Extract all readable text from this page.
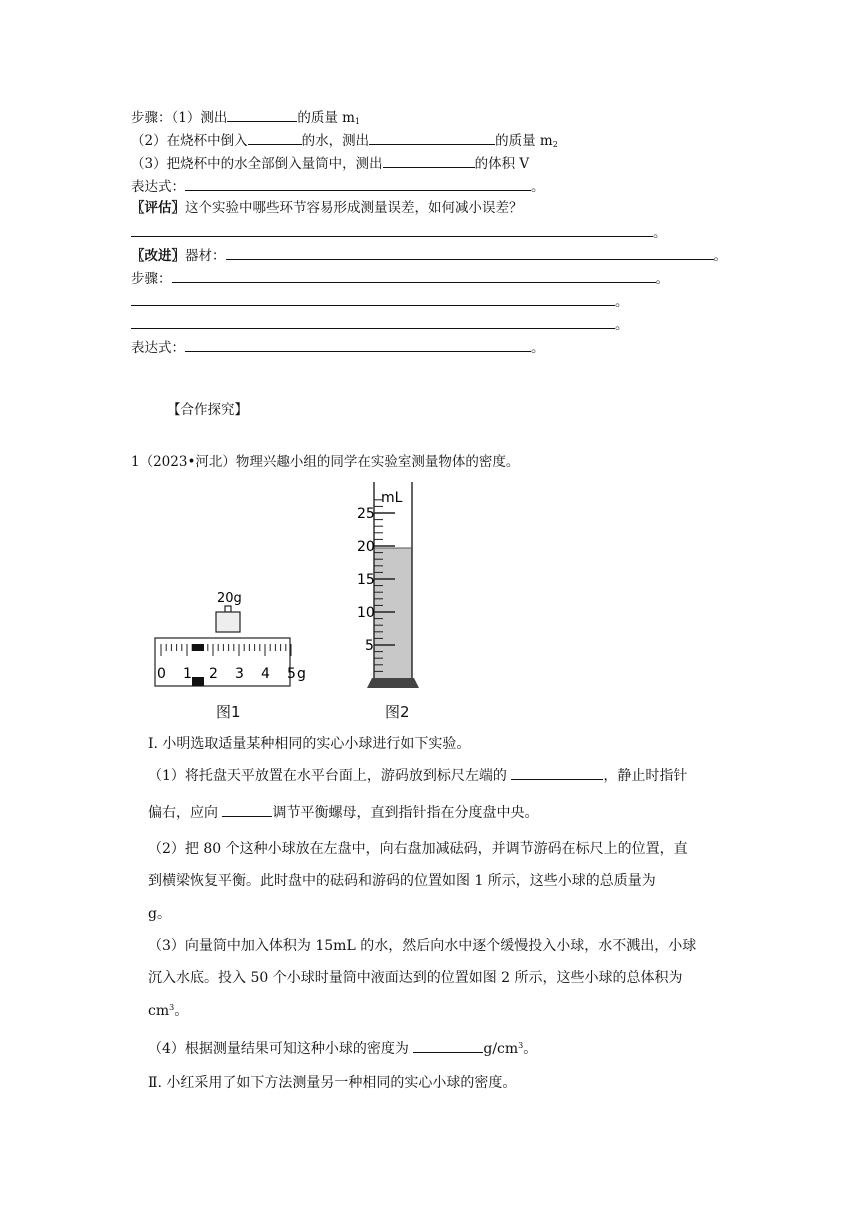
步骤：（1）测出	的质量 $m_1$
（2）在烧杯中倒入	的水，测出	的质量 $m_2$
（3）把烧杯中的水全部倒入量筒中，测出	的体积 V
表达式：	。
〖评估〗这个实验中哪些环节容易形成测量误差，如何减小误差？
。
〖改进〗器材：	。
步骤：	。
。
。
表达式：	。
【合作探究】
1（2023•河北）物理兴趣小组的同学在实验室测量物体的密度。
20g
0 1 2 3 4 5 g
图1
mL
25
20
15
10
5
图2
Ⅰ. 小明选取适量某种相同的实心小球进行如下实验。
（1）将托盘天平放置在水平台面上，游码放到标尺左端的	，静止时指针
偏右，应向	调节平衡螺母，直到指针指在分度盘中央。
（2）把 80 个这种小球放在左盘中，向右盘加减砝码，并调节游码在标尺上的位置，直
到横梁恢复平衡。此时盘中的砝码和游码的位置如图 1 所示，这些小球的总质量为
g。
（3）向量筒中加入体积为 15mL 的水，然后向水中逐个缓慢投入小球，水不溅出，小球
沉入水底。投入 50 个小球时量筒中液面达到的位置如图 2 所示，这些小球的总体积为
$cm^3$。
（4）根据测量结果可知这种小球的密度为	$g/cm^3$。
Ⅱ. 小红采用了如下方法测量另一种相同的实心小球的密度。
